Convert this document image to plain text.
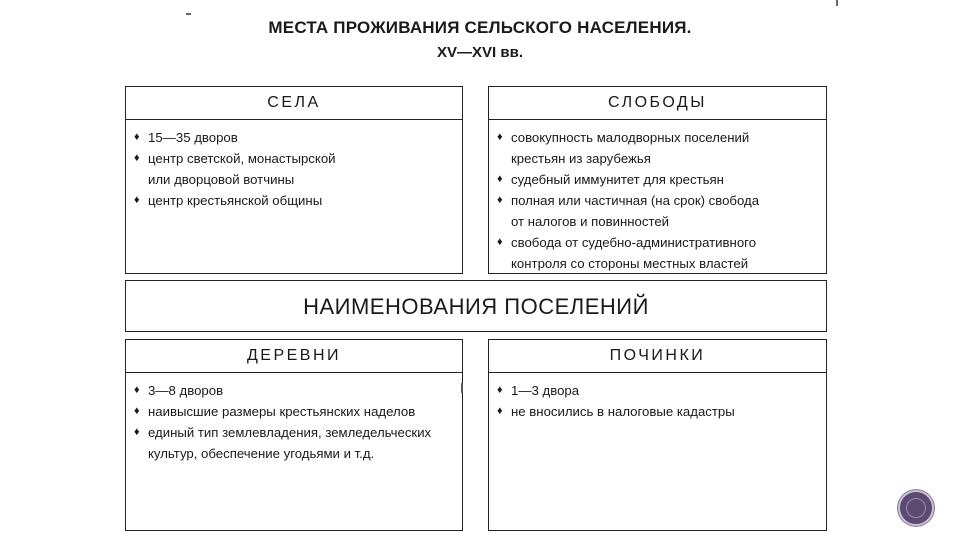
МЕСТА ПРОЖИВАНИЯ СЕЛЬСКОГО НАСЕЛЕНИЯ.
XV—XVI вв.
СЕЛА
♦ 15—35 дворов
♦ центр светской, монастырской или дворцовой вотчины
♦ центр крестьянской общины
СЛОБОДЫ
♦ совокупность малодворных поселений крестьян из зарубежья
♦ судебный иммунитет для крестьян
♦ полная или частичная (на срок) свобода от налогов и повинностей
♦ свобода от судебно-административного контроля со стороны местных властей
НАИМЕНОВАНИЯ ПОСЕЛЕНИЙ
ДЕРЕВНИ
♦ 3—8 дворов
♦ наивысшие размеры крестьянских наделов
♦ единый тип землевладения, земледельческих культур, обеспечение угодьями и т.д.
ПОЧИНКИ
♦ 1—3 двора
♦ не вносились в налоговые кадастры
